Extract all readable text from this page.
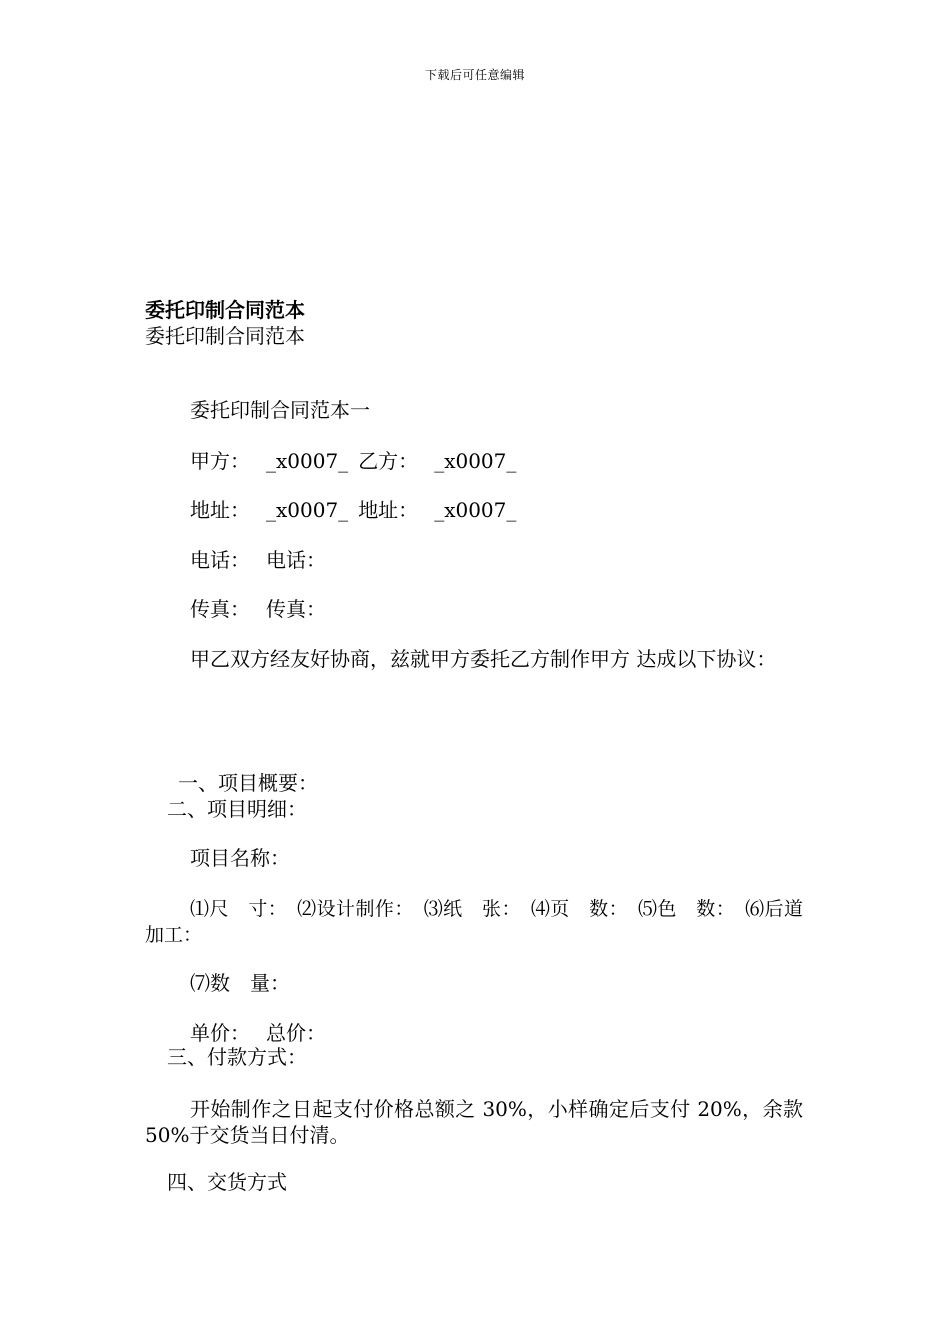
下载后可任意编辑
委托印制合同范本
委托印制合同范本
委托印制合同范本一
甲方： _x0007_ 乙方： _x0007_
地址： _x0007_ 地址： _x0007_
电话： 电话：
传真： 传真：
甲乙双方经友好协商，兹就甲方委托乙方制作甲方 达成以下协议：
一、项目概要：
二、项目明细：
项目名称：
⑴尺　寸：　⑵设计制作：　⑶纸　张：　⑷页　数：　⑸色　数：　⑹后道加工：
⑺数　量：
单价： 总价：
三、付款方式：
开始制作之日起支付价格总额之 30%，小样确定后支付 20%，余款 50%于交货当日付清。
四、交货方式
